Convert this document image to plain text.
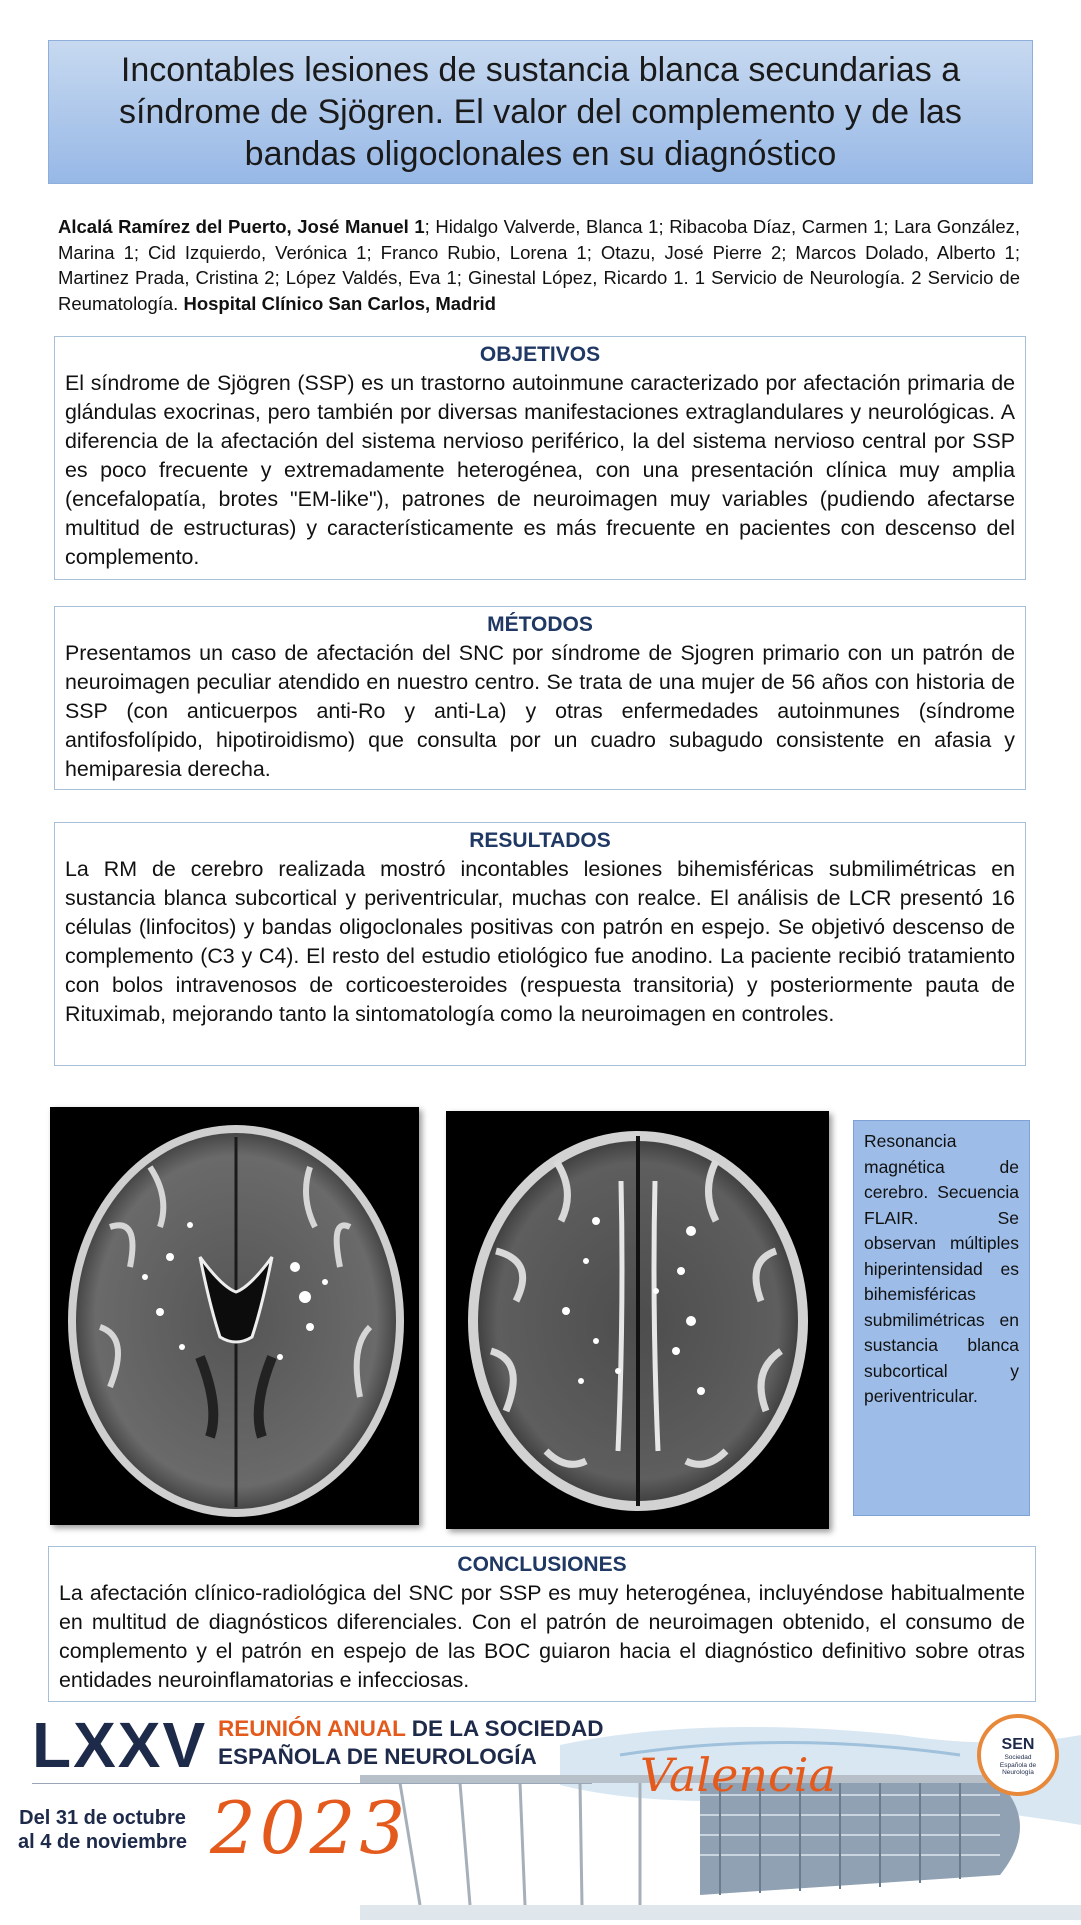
Incontables lesiones de sustancia blanca secundarias a síndrome de Sjögren. El valor del complemento y de las bandas oligoclonales en su diagnóstico
Alcalá Ramírez del Puerto, José Manuel 1; Hidalgo Valverde, Blanca 1; Ribacoba Díaz, Carmen 1; Lara González, Marina 1; Cid Izquierdo, Verónica 1; Franco Rubio, Lorena 1; Otazu, José Pierre 2; Marcos Dolado, Alberto 1; Martinez Prada, Cristina 2; López Valdés, Eva 1; Ginestal López, Ricardo 1. 1 Servicio de Neurología. 2 Servicio de Reumatología. Hospital Clínico San Carlos, Madrid
OBJETIVOS

El síndrome de Sjögren (SSP) es un trastorno autoinmune caracterizado por afectación primaria de glándulas exocrinas, pero también por diversas manifestaciones extraglandulares y neurológicas. A diferencia de la afectación del sistema nervioso periférico, la del sistema nervioso central por SSP es poco frecuente y extremadamente heterogénea, con una presentación clínica muy amplia (encefalopatía, brotes "EM-like"), patrones de neuroimagen muy variables (pudiendo afectarse multitud de estructuras) y característicamente es más frecuente en pacientes con descenso del complemento.

MÉTODOS

Presentamos un caso de afectación del SNC por síndrome de Sjogren primario con un patrón de neuroimagen peculiar atendido en nuestro centro. Se trata de una mujer de 56 años con historia de SSP (con anticuerpos anti-Ro y anti-La) y otras enfermedades autoinmunes (síndrome antifosfolípido, hipotiroidismo) que consulta por un cuadro subagudo consistente en afasia y hemiparesia derecha.

RESULTADOS

La RM de cerebro realizada mostró incontables lesiones bihemisféricas submilimétricas en sustancia blanca subcortical y periventricular, muchas con realce. El análisis de LCR presentó 16 células (linfocitos) y bandas oligoclonales positivas con patrón en espejo. Se objetivó descenso de complemento (C3 y C4). El resto del estudio etiológico fue anodino. La paciente recibió tratamiento con bolos intravenosos de corticoesteroides (respuesta transitoria) y posteriormente pauta de Rituximab, mejorando tanto la sintomatología como la neuroimagen en controles.

Resonancia magnética de cerebro. Secuencia FLAIR. Se observan múltiples hiperintensidad es bihemisféricas submilimétricas en sustancia blanca subcortical y periventricular.
CONCLUSIONES

La afectación clínico-radiológica del SNC por SSP es muy heterogénea, incluyéndose habitualmente en multitud de diagnósticos diferenciales. Con el patrón de neuroimagen obtenido, el consumo de complemento y el patrón en espejo de las BOC guiaron hacia el diagnóstico definitivo sobre otras entidades neuroinflamatorias e infecciosas.

LXXV REUNIÓN ANUAL DE LA SOCIEDAD
ESPAÑOLA DE NEUROLOGÍA	Valencia
Del 31 de octubre
al 4 de noviembre 2023
SEN
Sociedad Española de Neurología
